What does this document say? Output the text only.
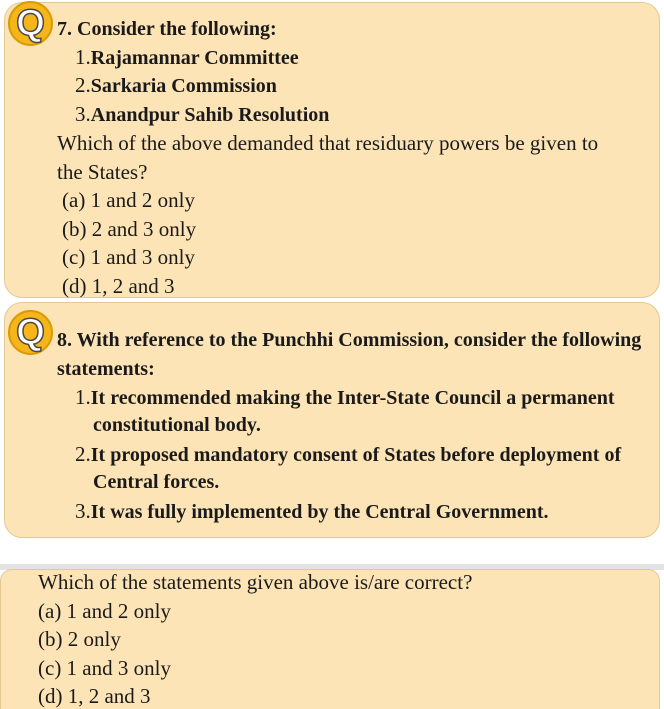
Q 7. Consider the following:
1.Rajamannar Committee
2.Sarkaria Commission
3.Anandpur Sahib Resolution
Which of the above demanded that residuary powers be given to
the States?
(a) 1 and 2 only
(b) 2 and 3 only
(c) 1 and 3 only
(d) 1, 2 and 3
Q 8. With reference to the Punchhi Commission, consider the following
statements:
1.It recommended making the Inter-State Council a permanent
constitutional body.
2.It proposed mandatory consent of States before deployment of
Central forces.
3.It was fully implemented by the Central Government.
Which of the statements given above is/are correct?
(a) 1 and 2 only
(b) 2 only
(c) 1 and 3 only
(d) 1, 2 and 3
